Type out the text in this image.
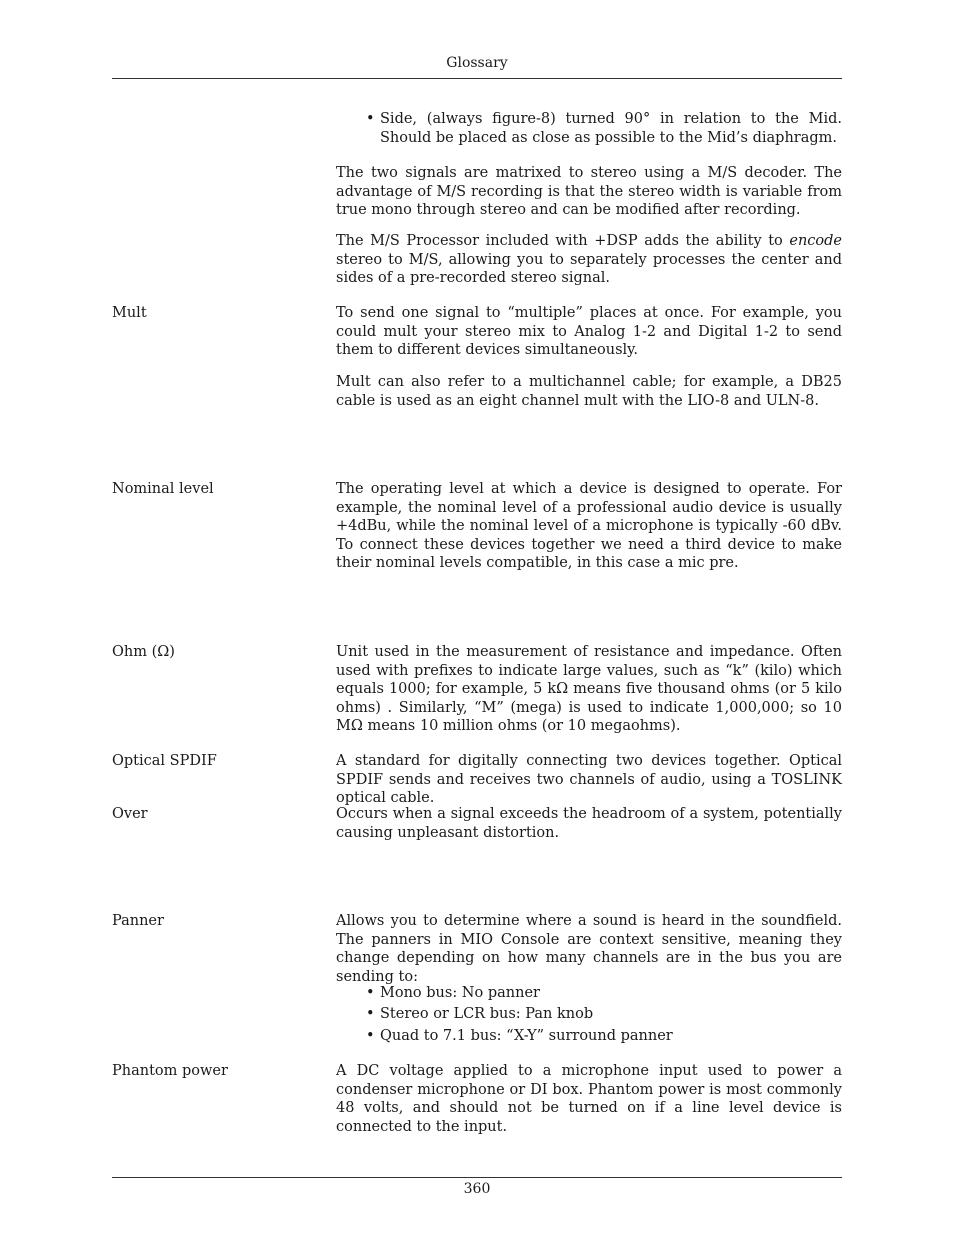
Glossary
• Side, (always figure-8) turned 90° in relation to the Mid. Should be placed as close as possible to the Mid’s diaphragm.

The two signals are matrixed to stereo using a M/S decoder. The advantage of M/S recording is that the stereo width is variable from true mono through stereo and can be modified after recording.

The M/S Processor included with +DSP adds the ability to encode stereo to M/S, allowing you to separately processes the center and sides of a pre-recorded stereo signal.

Mult	To send one signal to “multiple” places at once. For example, you could mult your stereo mix to Analog 1-2 and Digital 1-2 to send them to different devices simultaneously.

Mult can also refer to a multichannel cable; for example, a DB25 cable is used as an eight channel mult with the LIO-8 and ULN-8.

Nominal level	The operating level at which a device is designed to operate. For example, the nominal level of a professional audio device is usually +4dBu, while the nominal level of a microphone is typically -60 dBv. To connect these devices together we need a third device to make their nominal levels compatible, in this case a mic pre.

Ohm (Ω)	Unit used in the measurement of resistance and impedance. Often used with prefixes to indicate large values, such as “k” (kilo) which equals 1000; for example, 5 kΩ means five thousand ohms (or 5 kilo ohms) . Similarly, “M” (mega) is used to indicate 1,000,000; so 10 MΩ means 10 million ohms (or 10 megaohms).

Optical SPDIF	A standard for digitally connecting two devices together. Optical SPDIF sends and receives two channels of audio, using a TOSLINK optical cable.

Over	Occurs when a signal exceeds the headroom of a system, potentially causing unpleasant distortion.

Panner	Allows you to determine where a sound is heard in the soundfield. The panners in MIO Console are context sensitive, meaning they change depending on how many channels are in the bus you are sending to:

• Mono bus: No panner
• Stereo or LCR bus: Pan knob
• Quad to 7.1 bus: “X-Y” surround panner
Phantom power	A DC voltage applied to a microphone input used to power a condenser microphone or DI box. Phantom power is most commonly 48 volts, and should not be turned on if a line level device is connected to the input.

360
